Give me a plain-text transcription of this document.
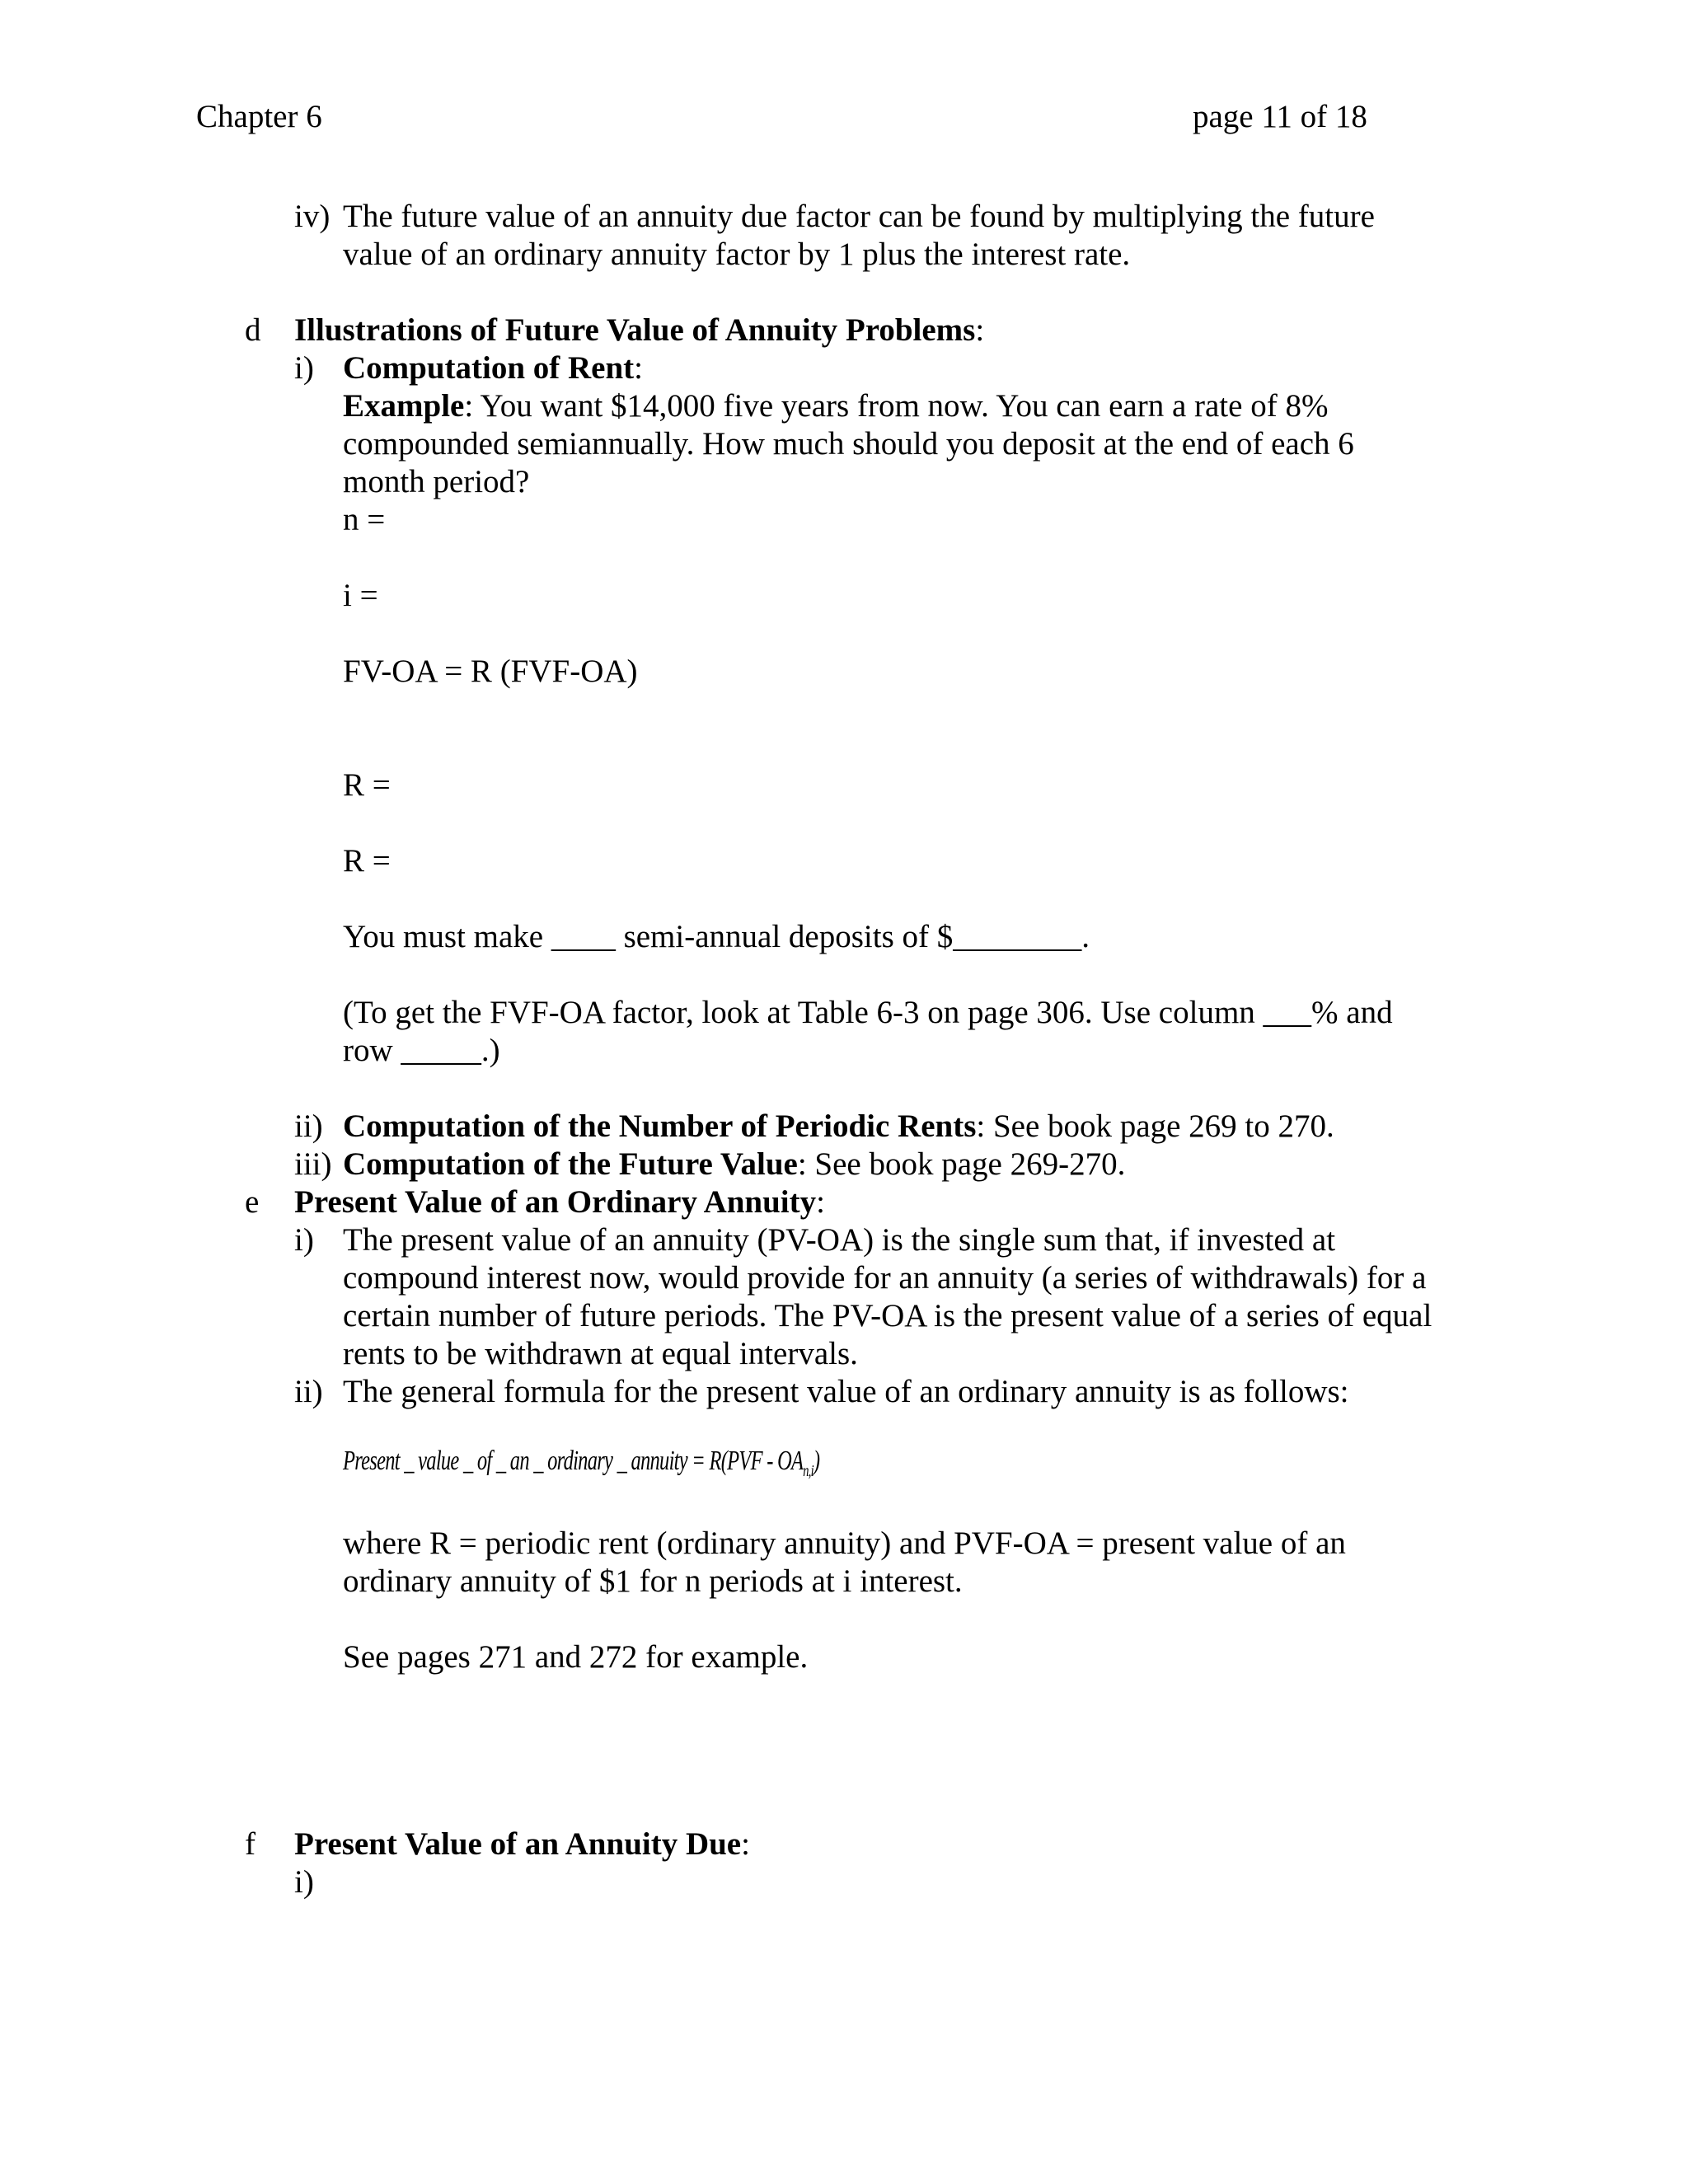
Chapter 6	page 11 of 18
iv) The future value of an annuity due factor can be found by multiplying the future
value of an ordinary annuity factor by 1 plus the interest rate.
d Illustrations of Future Value of Annuity Problems:
i) Computation of Rent:
Example: You want $14,000 five years from now. You can earn a rate of 8%
compounded semiannually. How much should you deposit at the end of each 6
month period?
n =
i =
FV-OA = R (FVF-OA)
R =
R =
You must make ____ semi-annual deposits of $________.
(To get the FVF-OA factor, look at Table 6-3 on page 306. Use column ___% and
row _____.)
ii) Computation of the Number of Periodic Rents: See book page 269 to 270.
iii) Computation of the Future Value: See book page 269-270.
e Present Value of an Ordinary Annuity:
i) The present value of an annuity (PV-OA) is the single sum that, if invested at
compound interest now, would provide for an annuity (a series of withdrawals) for a
certain number of future periods. The PV-OA is the present value of a series of equal
rents to be withdrawn at equal intervals.
ii) The general formula for the present value of an ordinary annuity is as follows:
Present _ value _ of _ an _ ordinary _ annuity = $R(PVF - OA_{n,i})$
where R = periodic rent (ordinary annuity) and PVF-OA = present value of an
ordinary annuity of $1 for n periods at i interest.
See pages 271 and 272 for example.
f Present Value of an Annuity Due:
i)
